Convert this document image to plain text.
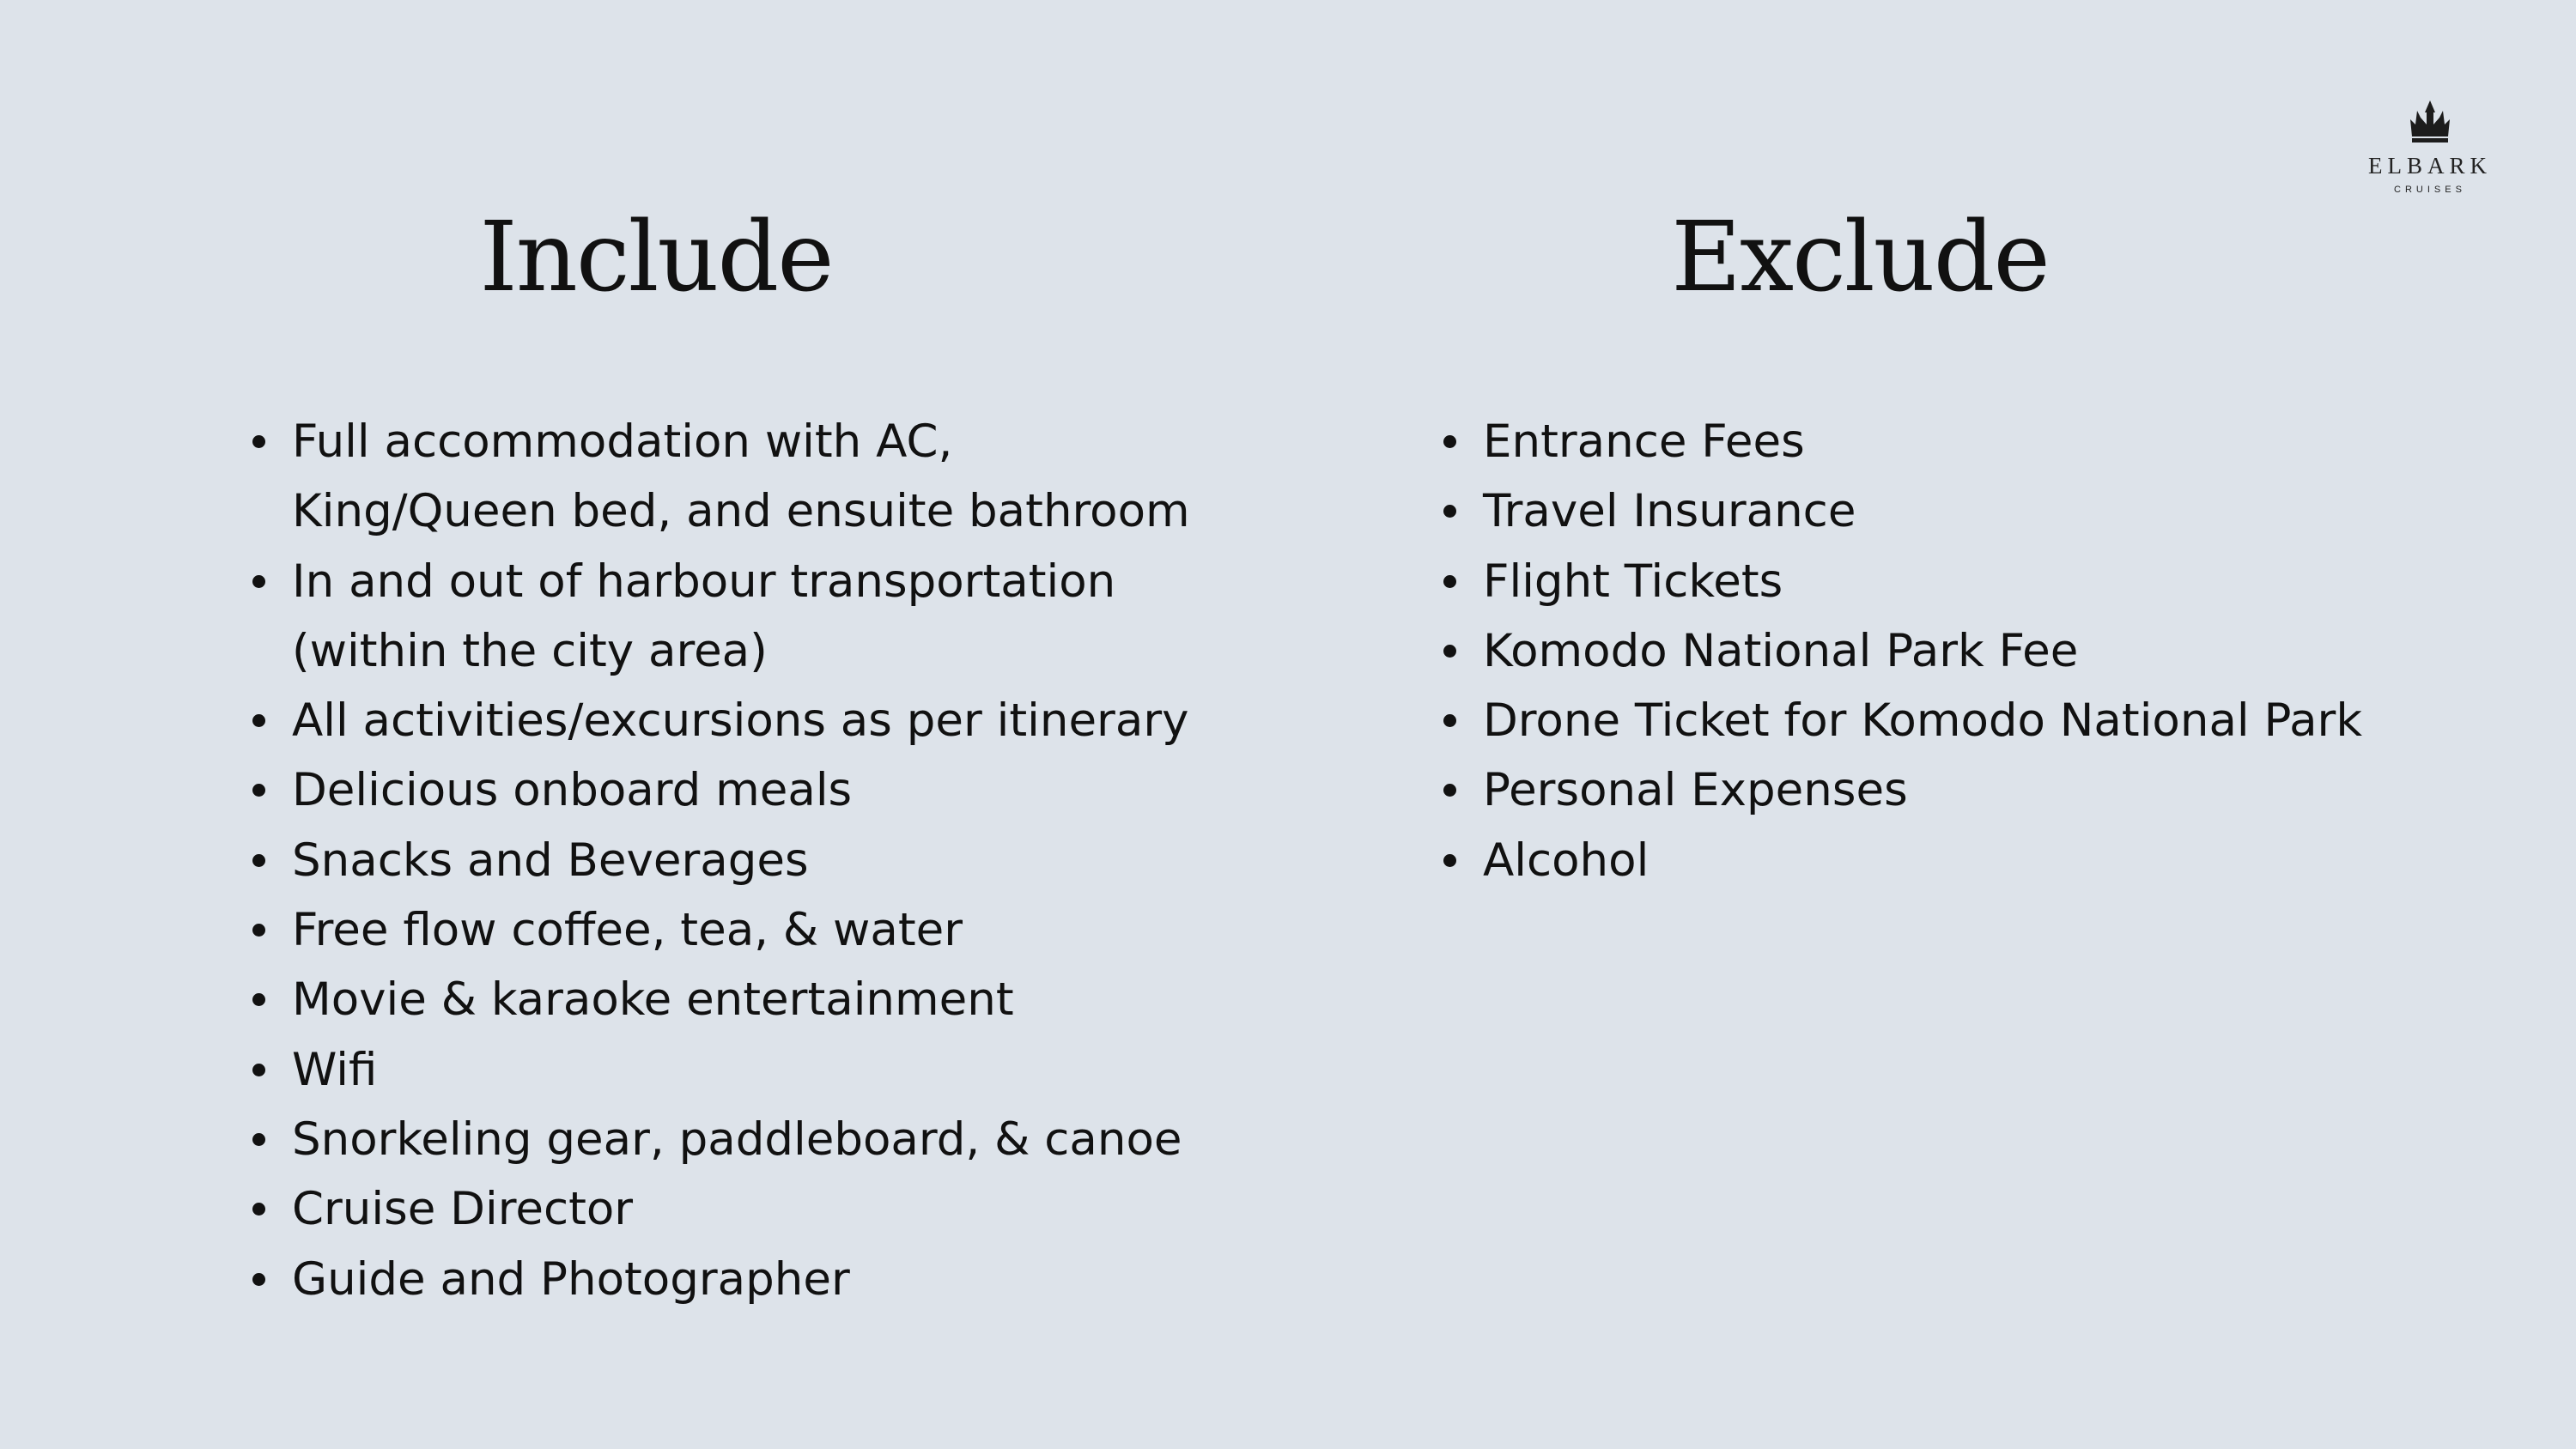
ELBARK
CRUISES
Include	Exclude
Full accommodation with AC,
King/Queen bed, and ensuite bathroom
In and out of harbour transportation
(within the city area)
All activities/excursions as per itinerary
Delicious onboard meals
Snacks and Beverages
Free flow coffee, tea, & water
Movie & karaoke entertainment
Wifi
Snorkeling gear, paddleboard, & canoe
Cruise Director
Guide and Photographer
Entrance Fees
Travel Insurance
Flight Tickets
Komodo National Park Fee
Drone Ticket for Komodo National Park
Personal Expenses
Alcohol
